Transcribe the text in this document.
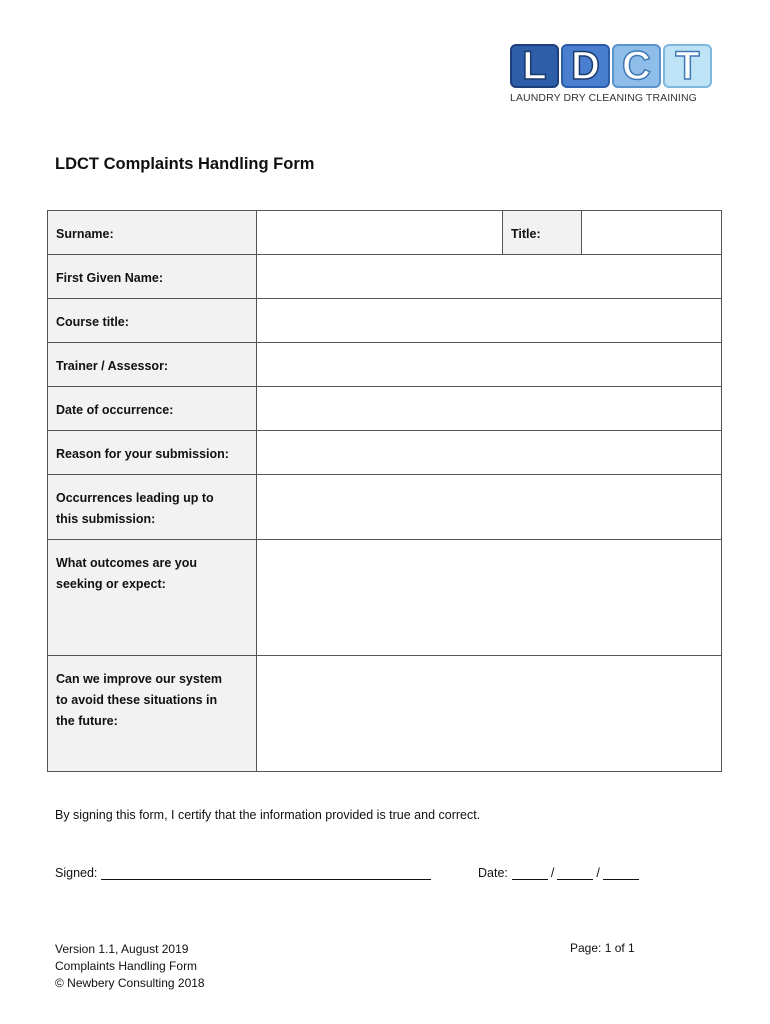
L D C T
LAUNDRY DRY CLEANING TRAINING
LDCT Complaints Handling Form
Surname:		Title:	
First Given Name:			
Course title:			
Trainer / Assessor:			
Date of occurrence:			
Reason for your submission:			

Occurrences leading up to
this submission:			

What outcomes are you
seeking or expect:			

Can we improve our system
to avoid these situations in
the future:			

By signing this form, I certify that the information provided is true and correct.
Signed:	Date:	/	/
Version 1.1, August 2019
Complaints Handling Form
© Newbery Consulting 2018
Page: 1 of 1
